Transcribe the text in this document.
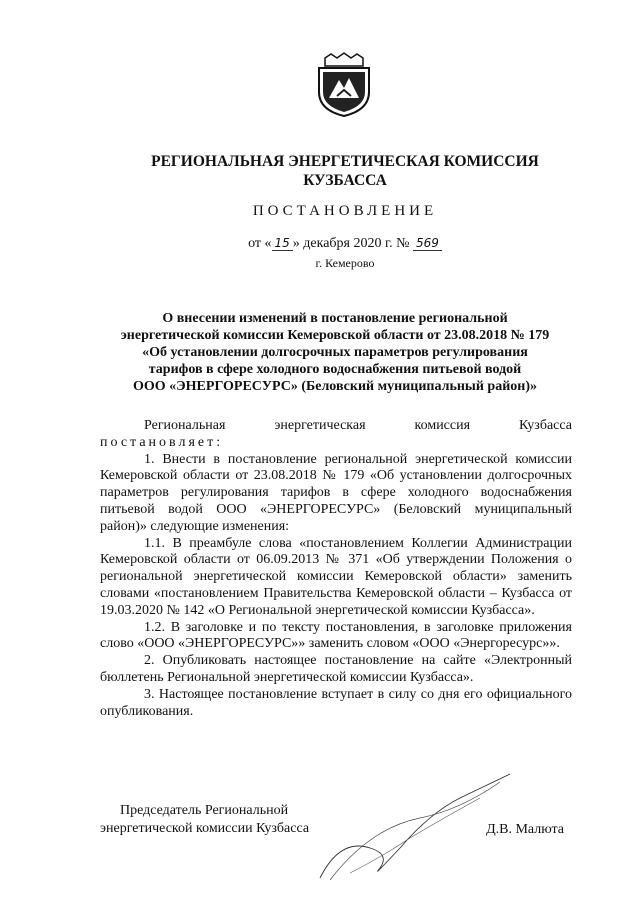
РЕГИОНАЛЬНАЯ ЭНЕРГЕТИЧЕСКАЯ КОМИССИЯ
КУЗБАССА
ПОСТАНОВЛЕНИЕ
от « 15 » декабря 2020 г. № 569
г. Кемерово
О внесении изменений в постановление региональной
энергетической комиссии Кемеровской области от 23.08.2018 № 179
«Об установлении долгосрочных параметров регулирования
тарифов в сфере холодного водоснабжения питьевой водой
ООО «ЭНЕРГОРЕСУРС» (Беловский муниципальный район)»

Региональная энергетическая комиссия Кузбасса

постановляет:

1. Внести в постановление региональной энергетической комиссии Кемеровской области от 23.08.2018 № 179 «Об установлении долгосрочных параметров регулирования тарифов в сфере холодного водоснабжения питьевой водой ООО «ЭНЕРГОРЕСУРС» (Беловский муниципальный район)» следующие изменения:

1.1. В преамбуле слова «постановлением Коллегии Администрации Кемеровской области от 06.09.2013 № 371 «Об утверждении Положения о региональной энергетической комиссии Кемеровской области» заменить словами «постановлением Правительства Кемеровской области – Кузбасса от 19.03.2020 № 142 «О Региональной энергетической комиссии Кузбасса».

1.2. В заголовке и по тексту постановления, в заголовке приложения слово «ООО «ЭНЕРГОРЕСУРС»» заменить словом «ООО «Энергоресурс»».

2. Опубликовать настоящее постановление на сайте «Электронный бюллетень Региональной энергетической комиссии Кузбасса».

3. Настоящее постановление вступает в силу со дня его официального опубликования.

Председатель Региональной
энергетической комиссии Кузбасса	Д.В. Малюта
